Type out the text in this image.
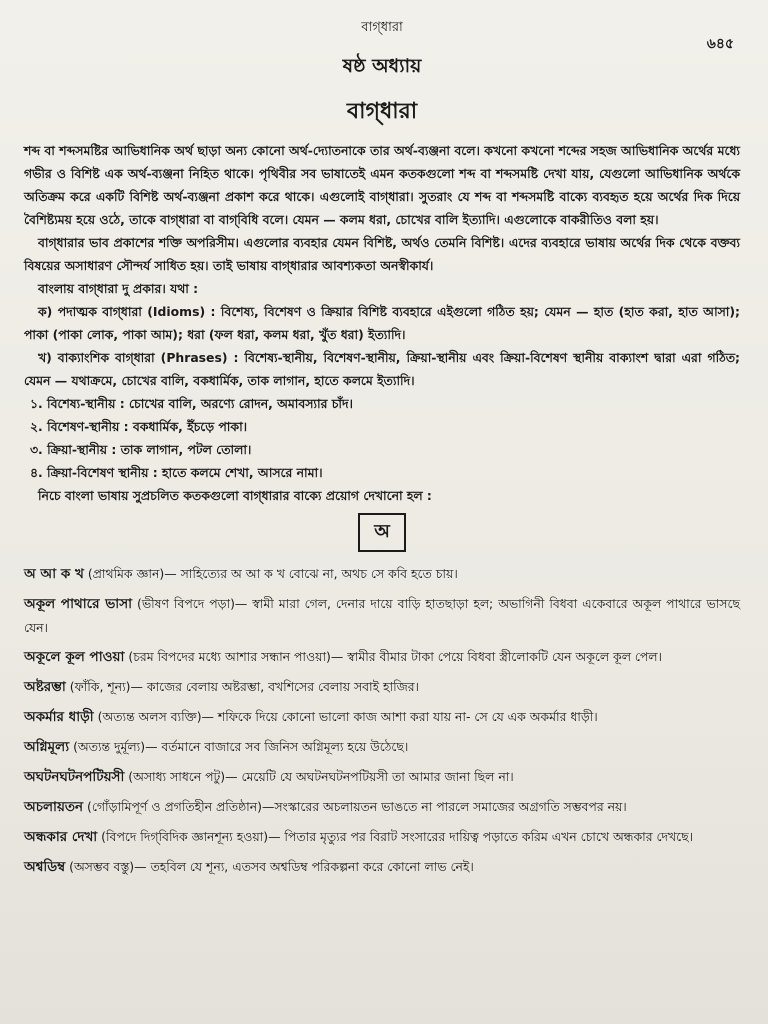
বাগ্‌ধারা
৬৪৫
ষষ্ঠ অধ্যায়
বাগ্‌ধারা

শব্দ বা শব্দসমষ্টির আভিধানিক অর্থ ছাড়া অন্য কোনো অর্থ-দ্যোতনাকে তার অর্থ-ব্যঞ্জনা বলে। কখনো কখনো শব্দের সহজ আভিধানিক অর্থের মধ্যে গভীর ও বিশিষ্ট এক অর্থ-ব্যঞ্জনা নিহিত থাকে। পৃথিবীর সব ভাষাতেই এমন কতকগুলো শব্দ বা শব্দসমষ্টি দেখা যায়, যেগুলো আভিধানিক অর্থকে অতিক্রম করে একটি বিশিষ্ট অর্থ-ব্যঞ্জনা প্রকাশ করে থাকে। এগুলোই বাগ্‌ধারা। সুতরাং যে শব্দ বা শব্দসমষ্টি বাক্যে ব্যবহৃত হয়ে অর্থের দিক দিয়ে বৈশিষ্ট্যময় হয়ে ওঠে, তাকে বাগ্‌ধারা বা বাগ্‌বিধি বলে। যেমন — কলম ধরা, চোখের বালি ইত্যাদি। এগুলোকে বাকরীতিও বলা হয়।

বাগ্‌ধারার ভাব প্রকাশের শক্তি অপরিসীম। এগুলোর ব্যবহার যেমন বিশিষ্ট, অর্থও তেমনি বিশিষ্ট। এদের ব্যবহারে ভাষায় অর্থের দিক থেকে বক্তব্য বিষয়ের অসাধারণ সৌন্দর্য সাধিত হয়। তাই ভাষায় বাগ্‌ধারার আবশ্যকতা অনস্বীকার্য।

বাংলায় বাগ্‌ধারা দু প্রকার। যথা :

ক) পদাত্মক বাগ্‌ধারা (Idioms) : বিশেষ্য, বিশেষণ ও ক্রিয়ার বিশিষ্ট ব্যবহারে এইগুলো গঠিত হয়; যেমন — হাত (হাত করা, হাত আসা); পাকা (পাকা লোক, পাকা আম); ধরা (ফল ধরা, কলম ধরা, খুঁত ধরা) ইত্যাদি।

খ) বাক্যাংশিক বাগ্‌ধারা (Phrases) : বিশেষ্য-স্থানীয়, বিশেষণ-স্থানীয়, ক্রিয়া-স্থানীয় এবং ক্রিয়া-বিশেষণ স্থানীয় বাক্যাংশ দ্বারা এরা গঠিত; যেমন — যথাক্রমে, চোখের বালি, বকধার্মিক, তাক লাগান, হাতে কলমে ইত্যাদি।

১. বিশেষ্য-স্থানীয় : চোখের বালি, অরণ্যে রোদন, অমাবস্যার চাঁদ।
২. বিশেষণ-স্থানীয় : বকধার্মিক, ইঁচড়ে পাকা।
৩. ক্রিয়া-স্থানীয় : তাক লাগান, পটল তোলা।
৪. ক্রিয়া-বিশেষণ স্থানীয় : হাতে কলমে শেখা, আসরে নামা।

নিচে বাংলা ভাষায় সুপ্রচলিত কতকগুলো বাগ্‌ধারার বাক্যে প্রয়োগ দেখানো হল :

অ

অ আ ক খ (প্রাথমিক জ্ঞান)— সাহিত্যের অ আ ক খ বোঝে না, অথচ সে কবি হতে চায়।

অকূল পাথারে ভাসা (ভীষণ বিপদে পড়া)— স্বামী মারা গেল, দেনার দায়ে বাড়ি হাতছাড়া হল; অভাগিনী বিধবা একেবারে অকূল পাথারে ভাসছে যেন।

অকূলে কূল পাওয়া (চরম বিপদের মধ্যে আশার সন্ধান পাওয়া)— স্বামীর বীমার টাকা পেয়ে বিধবা স্ত্রীলোকটি যেন অকূলে কূল পেল।

অষ্টরম্ভা (ফাঁকি, শূন্য)— কাজের বেলায় অষ্টরম্ভা, বখশিসের বেলায় সবাই হাজির।

অকর্মার ধাড়ী (অত্যন্ত অলস ব্যক্তি)— শফিকে দিয়ে কোনো ভালো কাজ আশা করা যায় না- সে যে এক অকর্মার ধাড়ী।

অগ্নিমূল্য (অত্যন্ত দুর্মূল্য)— বর্তমানে বাজারে সব জিনিস অগ্নিমূল্য হয়ে উঠেছে।

অঘটনঘটনপটিয়সী (অসাধ্য সাধনে পটু)— মেয়েটি যে অঘটনঘটনপটিয়সী তা আমার জানা ছিল না।

অচলায়তন (গোঁড়ামিপূর্ণ ও প্রগতিহীন প্রতিষ্ঠান)—সংস্কারের অচলায়তন ভাঙতে না পারলে সমাজের অগ্রগতি সম্ভবপর নয়।

অন্ধকার দেখা (বিপদে দিগ্‌বিদিক জ্ঞানশূন্য হওয়া)— পিতার মৃত্যুর পর বিরাট সংসারের দায়িত্ব পড়াতে করিম এখন চোখে অন্ধকার দেখছে।

অশ্বডিম্ব (অসম্ভব বস্তু)— তহবিল যে শূন্য, এতসব অশ্বডিম্ব পরিকল্পনা করে কোনো লাভ নেই।
